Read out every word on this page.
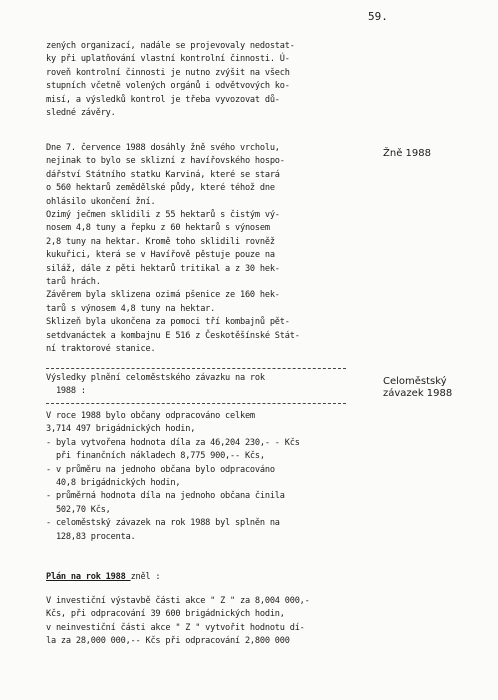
59.
zených organizací, nadále se projevovaly nedostat-
ky při uplatňování vlastní kontrolní činnosti. Ú-
roveň kontrolní činnosti je nutno zvýšit na všech
stupních včetně volených orgánů i odvětvových ko-
misí, a výsledků kontrol je třeba vyvozovat dů-
sledné závěry.
Dne 7. července 1988 dosáhly žně svého vrcholu,
nejinak to bylo se sklizní z havířovského hospo-
dářství Státního statku Karviná, které se stará
o 560 hektarů zemědělské půdy, které téhož dne
ohlásilo ukončení žní.
Ozimý ječmen sklidili z 55 hektarů s čistým vý-
nosem 4,8 tuny a řepku z 60 hektarů s výnosem
2,8 tuny na hektar. Kromě toho sklidili rovněž
kukuřici, která se v Havířově pěstuje pouze na
siláž, dále z pěti hektarů tritikal a z 30 hek-
tarů hrách.
Závěrem byla sklizena ozimá pšenice ze 160 hek-
tarů s výnosem 4,8 tuny na hektar.
Sklizeň byla ukončena za pomoci tří kombajnů pět-
setdvanáctek a kombajnu E 516 z Českotěšínské Stát-
ní traktorové stanice.
Žně 1988
Výsledky plnění celoměstského závazku na rok
1988 :
Celoměstský
závazek 1988
V roce 1988 bylo občany odpracováno celkem
3,714 497 brigádnických hodin,
- byla vytvořena hodnota díla za 46,204 230,- - Kčs
při finančních nákladech 8,775 900,-- Kčs,
- v průměru na jednoho občana bylo odpracováno
40,8 brigádnických hodin,
- průměrná hodnota díla na jednoho občana činila
502,70 Kčs,
- celoměstský závazek na rok 1988 byl splněn na
128,83 procenta.
Plán na rok 1988 zněl :
V investiční výstavbě části akce " Z " za 8,004 000,-
Kčs, při odpracování 39 600 brigádnických hodin,
v neinvestiční části akce " Z " vytvořit hodnotu dí-
la za 28,000 000,-- Kčs při odpracování 2,800 000
